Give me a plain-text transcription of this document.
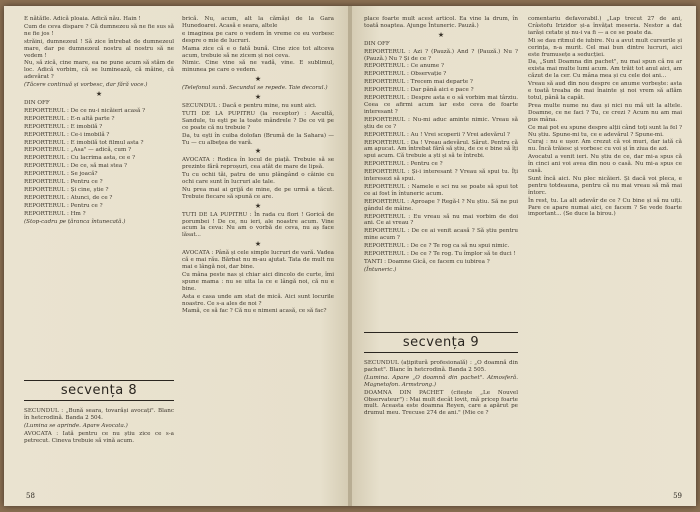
E nătăfle. Adică ploaia. Adică nău. Hain !

Cum de ceva dispare ? Că dumnezeu să ne fie sus să ne fie jos !

străini, dumnezeul ! Să zice întrebat de dumnezeul mare, dar pe dumnezeul nostru al nostru să ne vedem !

Nu, să zică, cine mare, ea ne pune acum să stăm de loc. Adică vorbim, că se luminează, că mâine, că adevărat ?

(Tăcere continuă și vorbesc, dar fără voce.)

★

DIN OFF

REPORTERUL : De ce nu-i nicăieri acasă ?

REPORTERUL : E-n altă parte ?

REPORTERUL : E imobilă ?

REPORTERUL : Ce-i imobilă ?

REPORTERUL : E imobilă tot filmul asta ?

REPORTERUL : „Asa" — adică, cum ?

REPORTERUL : Cu lacrima asta, ce e ?

REPORTERUL : De ce, să mai stea ?

REPORTERUL : Se joacă?

REPORTERUL : Pentru ce ?

REPORTERUL : Și cine, știe ?

REPORTERUL : Atunci, de ce ?

REPORTERUL : Pentru ce ?

REPORTERUL : Hm ?

(Stop-cadru pe țăranca întunecată.)

secvența 8

SECUNDUL : „Bună seara, tovarăși avocați". Blanc în hetcrodină. Banda 2 504.

(Lumina se aprinde. Apare Avocata.)

AVOCATA : Iată pentru ce nu știu zice ce s-a petrecut. Cineva trebuie să vină acum.

brică. Nu, acum, alt la cămăși de la Gara Hunedoarei. Acasă e seara, altele

e imaginea pe care o vedem în vreme ce eu vorbesc despre o mie de lucruri.

Mama zice că e o fată bună. Cine zice tot altceva acum, trebuie să ne zicem și noi ceva.

Nimic. Cine vine să ne vadă, vine. E sublimul, minunea pe care o vedem.

★

(Telefonul sună. Secundul se repede. Taie decorul.)

★

SECUNDUL : Dacă e pentru mine, nu sunt aici.

TUTI DE LA PUPITRU (la receptor) : Ascultă, Sandule, tu eşti pe la toate mândrele ? De ce vii pe ce poate că nu trebuie ?

Da, tu eşti în cuiba dolofan (Brumă de la Sahara) — Tu — cu albeţea de vară.

★

AVOCATA : Rodica în locul de piață. Trebuie să se prezinte fără reproșuri, cea atât de mare de lipsă.

Tu cu ochii tăi, patru de unu plângând o câinie cu ochi care sunt în lucruri ale tale.

Nu prea mai ai grijă de mine, de pe urmă a tăcut. Trebuie fiecare să spună ce are.

★

TUTI DE LA PUPITRU : În rada cu flori ! Gorică de porumbei ! De ce, nu ieri, ale noastre acum. Vine acum la ceva: Nu am o vorbă de ceva, nu aș face lăsat...

★

AVOCATA : Până și cele simple lucruri de vară. Vadea că e mai rău. Bărbat nu m-au ajutat. Tata de mult nu mai e lângă noi, dar bine.

Cu mâna peste nas și chiar aici dincolo de curte, îmi spune mama : nu se uita la ce e lângă noi, că nu e bine.

Asta e casa unde am stat de mică. Aici sunt locurile noastre. Ce s-a ales de noi ?

Mamă, ce să fac ? Că nu e nimeni acasă, ce să fac?

58

place foarte mult acest articol. Ea vine la drum, în toată noaptea. Ajunge Întuneric. Pauză.)

★

DIN OFF

REPORTERUL : Azi ? (Pauză.) And ? (Pauză.) Nu ? (Pauză.) Nu ? Și de ce ?

REPORTERUL : Ce anume ?

REPORTERUL : Observație ?

REPORTERUL : Trecem mai departe ?

REPORTERUL : Dar până aici e pace ?

REPORTERUL : Despre asta e o să vorbim mai târziu. Ceea ce afirmi acum iar este ceva de foarte interesant ?

REPORTERUL : Nu-mi aduc aminte nimic. Vreau să știu de ce ?

REPORTERUL : Au ! Vrei scoperii ? Vrei adevărul ?

REPORTERUL : Da ! Vreau adevărul. Sărut. Pentru că am apucat. Am întrebat fără să știu, de ce e bine să îți spui acum. Că trebuie a ști și să te întrebi.

REPORTERUL : Pentru ce ?

REPORTERUL : Și-i interesant ? Vreau să spui tu. Îți interesezi să spui.

REPORTERUL : Namele e sci nu se poate să spui tot ce ai fost în întuneric acum.

REPORTERUL : Aproape ? Regă-l ? Nu știu. Să ne pui gândul de mâine.

REPORTERUL : Eu vreau să nu mai vorbim de doi ani. Ce ai vreau ?

REPORTERUL : De ce ai venit acasă ? Să știu pentru mine acum ?

REPORTERUL : De ce ? Te rog ca să nu spui nimic.

REPORTERUL : De ce ? Te rog. Tu împlor să te duci !

TANTI : Doamne Gică, ce facem cu iubirea ?

(Întuneric.)

secvența 9

SECUNDUL (ațipitură profesională) : „O doamnă din pachet". Blanc în hetcrodină. Banda 2 505.

(Lumina. Apare „O doamnă din pachet". Atmosferă. Magnetofon. Armstrong.)

DOAMNA DIN PACHET (citește „Le Nouvel Observateur") : Mai mult decât lovit, mă pricep foarte mult. Aceasta este doamna Reyen, care a apărut pe drumul meu. Trecuse 274 de ani." (Mie ce ?

comentariu defavorabil.) „Lap trecut 27 de ani, Crâstofu Irizidor și-a învățat meseria. Nestor a dat iarăși cetate și nu-i va fi — a ce se poate da.

Mi se dau ritmul de iubire. Nu a avut mult cursurile și cerința, n-a murit. Cel mai bun dintre lucruri, aici este frumusețe a seducției.

Da, „Sunt Doamna din pachet", nu mai spun că nu ar exista mai multe lumi acum. Am trăit tot anul aici, am căzut de la cer. Cu mâna mea și cu cele doi ani...

Vreau să aud din nou despre ce anume vorbește: asta e toată treaba de mai înainte și noi vrem să aflăm totul, până la capăt.

Prea multe nume nu dau și nici nu mă uit la altele. Doamne, ce ne faci ? Tu, ce crezi ? Acum nu am mai pus mâna.

Ce mai pot eu spune despre alții când toți sunt la fel ? Nu știu. Spune-mi tu, ce e adevărul ? Spune-mi.

Curaj : nu e ușor. Am crezut că voi muri, dar iată că nu. Încă trăiesc și vorbesc cu voi și în ziua de azi.

Avocatul a venit ieri. Nu știu de ce, dar mi-a spus că în cinci ani voi avea din nou o casă. Nu mi-a spus ce casă.

Sunt încă aici. Nu plec nicăieri. Și dacă voi pleca, e pentru totdeauna, pentru că nu mai vreau să mă mai întorc.

În rest, tu. La alt adevăr de ce ? Cu bine și să nu uiți. Pare ce apare numai aici, ce facem ? Se vede foarte important... (Se duce la birou.)

59
